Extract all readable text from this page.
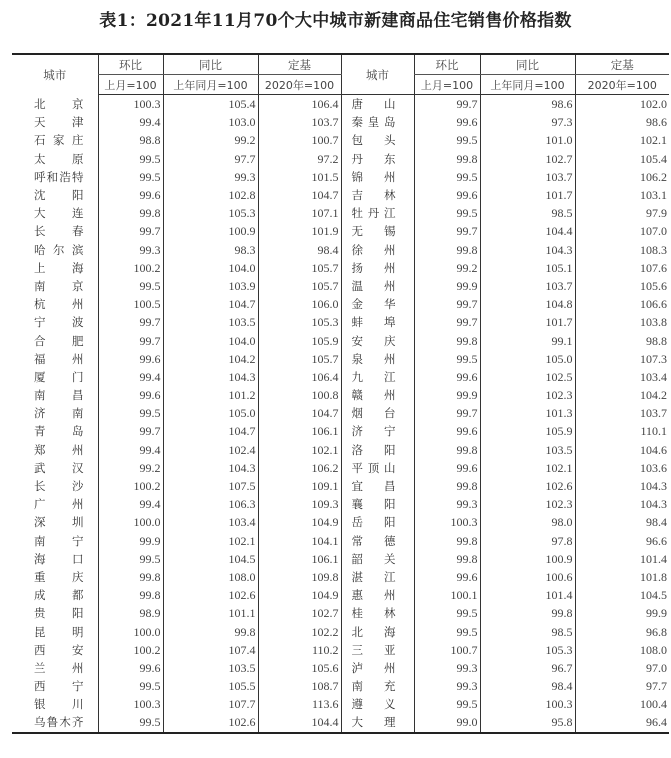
表1：2021年11月70个大中城市新建商品住宅销售价格指数
城市	环比	同比	定基	城市	环比	同比	定基
	上月=100	上年同月=100	2020年=100		上月=100	上年同月=100	2020年=100
北京	100.3	105.4	106.4	唐山	99.7	98.6	102.0
天津	99.4	103.0	103.7	秦皇岛	99.6	97.3	98.6
石家庄	98.8	99.2	100.7	包头	99.5	101.0	102.1
太原	99.5	97.7	97.2	丹东	99.8	102.7	105.4
呼和浩特	99.5	99.3	101.5	锦州	99.5	103.7	106.2
沈阳	99.6	102.8	104.7	吉林	99.6	101.7	103.1
大连	99.8	105.3	107.1	牡丹江	99.5	98.5	97.9
长春	99.7	100.9	101.9	无锡	99.7	104.4	107.0
哈尔滨	99.3	98.3	98.4	徐州	99.8	104.3	108.3
上海	100.2	104.0	105.7	扬州	99.2	105.1	107.6
南京	99.5	103.9	105.7	温州	99.9	103.7	105.6
杭州	100.5	104.7	106.0	金华	99.7	104.8	106.6
宁波	99.7	103.5	105.3	蚌埠	99.7	101.7	103.8
合肥	99.7	104.0	105.9	安庆	99.8	99.1	98.8
福州	99.6	104.2	105.7	泉州	99.5	105.0	107.3
厦门	99.4	104.3	106.4	九江	99.6	102.5	103.4
南昌	99.6	101.2	100.8	赣州	99.9	102.3	104.2
济南	99.5	105.0	104.7	烟台	99.7	101.3	103.7
青岛	99.7	104.7	106.1	济宁	99.6	105.9	110.1
郑州	99.4	102.4	102.1	洛阳	99.8	103.5	104.6
武汉	99.2	104.3	106.2	平顶山	99.6	102.1	103.6
长沙	100.2	107.5	109.1	宜昌	99.8	102.6	104.3
广州	99.4	106.3	109.3	襄阳	99.3	102.3	104.3
深圳	100.0	103.4	104.9	岳阳	100.3	98.0	98.4
南宁	99.9	102.1	104.1	常德	99.8	97.8	96.6
海口	99.5	104.5	106.1	韶关	99.8	100.9	101.4
重庆	99.8	108.0	109.8	湛江	99.6	100.6	101.8
成都	99.8	102.6	104.9	惠州	100.1	101.4	104.5
贵阳	98.9	101.1	102.7	桂林	99.5	99.8	99.9
昆明	100.0	99.8	102.2	北海	99.5	98.5	96.8
西安	100.2	107.4	110.2	三亚	100.7	105.3	108.0
兰州	99.6	103.5	105.6	泸州	99.3	96.7	97.0
西宁	99.5	105.5	108.7	南充	99.3	98.4	97.7
银川	100.3	107.7	113.6	遵义	99.5	100.3	100.4
乌鲁木齐	99.5	102.6	104.4	大理	99.0	95.8	96.4
